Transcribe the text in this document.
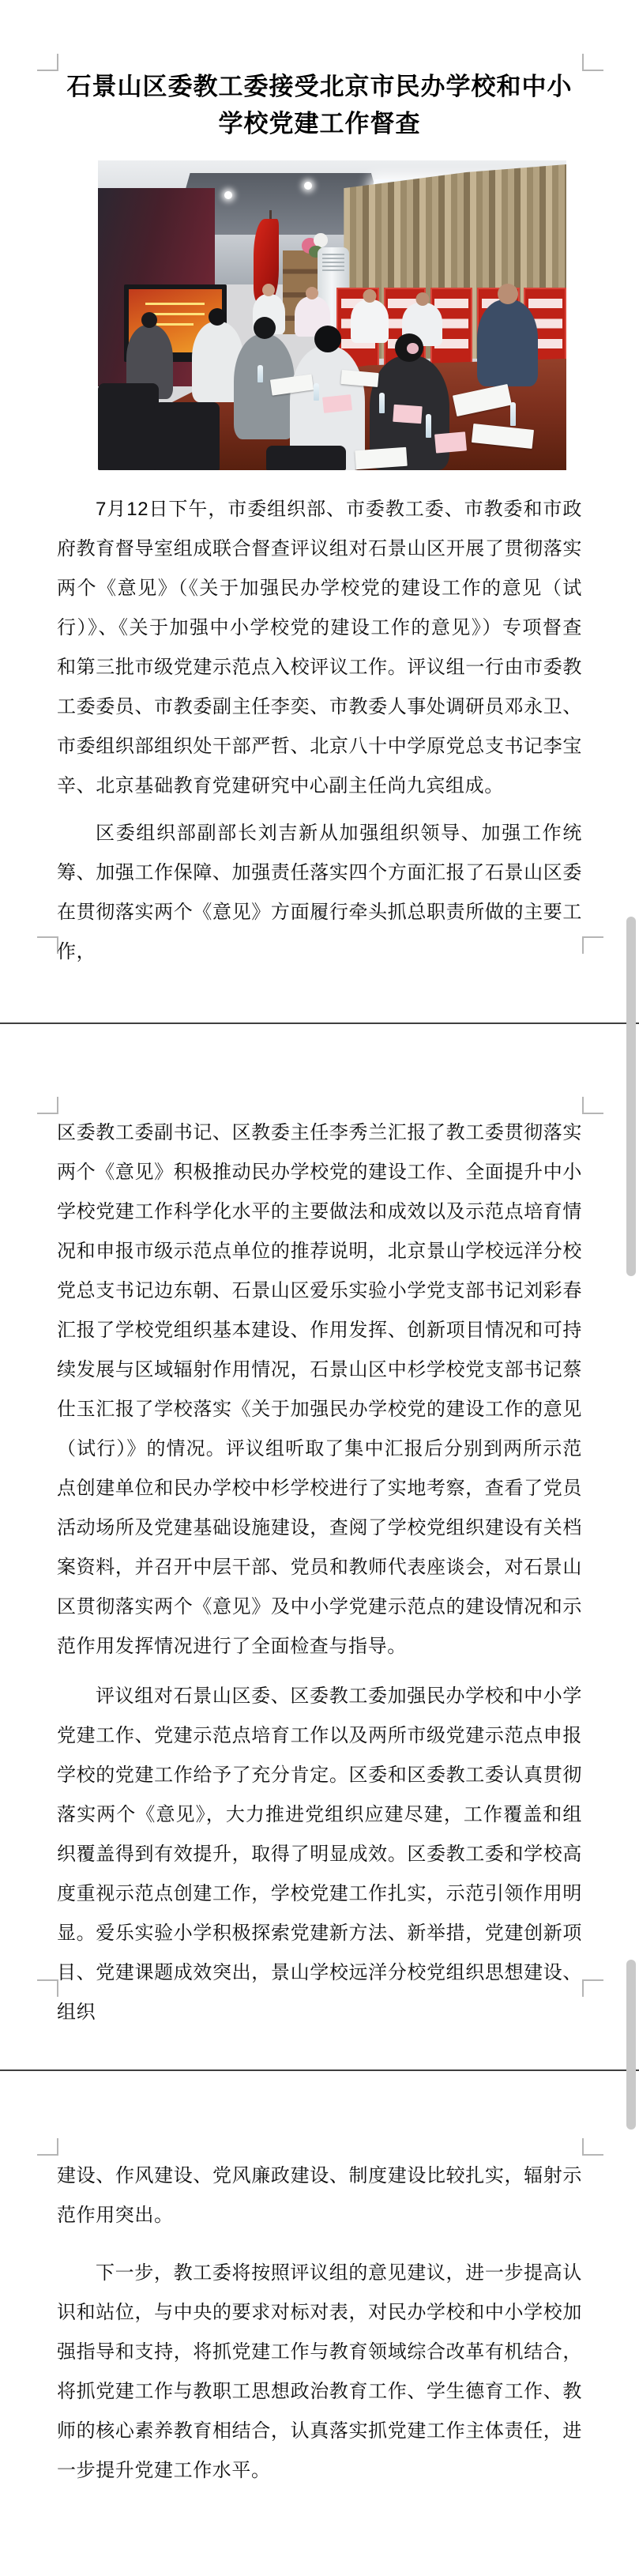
石景山区委教工委接受北京市民办学校和中小学校党建工作督查
7月12日下午，市委组织部、市委教工委、市教委和市政府教育督导室组成联合督查评议组对石景山区开展了贯彻落实两个《意见》（《关于加强民办学校党的建设工作的意见（试行）》、《关于加强中小学校党的建设工作的意见》）专项督查和第三批市级党建示范点入校评议工作。评议组一行由市委教工委委员、市教委副主任李奕、市教委人事处调研员邓永卫、市委组织部组织处干部严哲、北京八十中学原党总支书记李宝辛、北京基础教育党建研究中心副主任尚九宾组成。
区委组织部副部长刘吉新从加强组织领导、加强工作统筹、加强工作保障、加强责任落实四个方面汇报了石景山区委在贯彻落实两个《意见》方面履行牵头抓总职责所做的主要工作，
区委教工委副书记、区教委主任李秀兰汇报了教工委贯彻落实两个《意见》积极推动民办学校党的建设工作、全面提升中小学校党建工作科学化水平的主要做法和成效以及示范点培育情况和申报市级示范点单位的推荐说明，北京景山学校远洋分校党总支书记边东朝、石景山区爱乐实验小学党支部书记刘彩春汇报了学校党组织基本建设、作用发挥、创新项目情况和可持续发展与区域辐射作用情况，石景山区中杉学校党支部书记蔡仕玉汇报了学校落实《关于加强民办学校党的建设工作的意见（试行）》的情况。评议组听取了集中汇报后分别到两所示范点创建单位和民办学校中杉学校进行了实地考察，查看了党员活动场所及党建基础设施建设，查阅了学校党组织建设有关档案资料，并召开中层干部、党员和教师代表座谈会，对石景山区贯彻落实两个《意见》及中小学党建示范点的建设情况和示范作用发挥情况进行了全面检查与指导。
评议组对石景山区委、区委教工委加强民办学校和中小学党建工作、党建示范点培育工作以及两所市级党建示范点申报学校的党建工作给予了充分肯定。区委和区委教工委认真贯彻落实两个《意见》，大力推进党组织应建尽建，工作覆盖和组织覆盖得到有效提升，取得了明显成效。区委教工委和学校高度重视示范点创建工作，学校党建工作扎实，示范引领作用明显。爱乐实验小学积极探索党建新方法、新举措，党建创新项目、党建课题成效突出，景山学校远洋分校党组织思想建设、组织
建设、作风建设、党风廉政建设、制度建设比较扎实，辐射示范作用突出。
下一步，教工委将按照评议组的意见建议，进一步提高认识和站位，与中央的要求对标对表，对民办学校和中小学校加强指导和支持，将抓党建工作与教育领域综合改革有机结合，将抓党建工作与教职工思想政治教育工作、学生德育工作、教师的核心素养教育相结合，认真落实抓党建工作主体责任，进一步提升党建工作水平。
